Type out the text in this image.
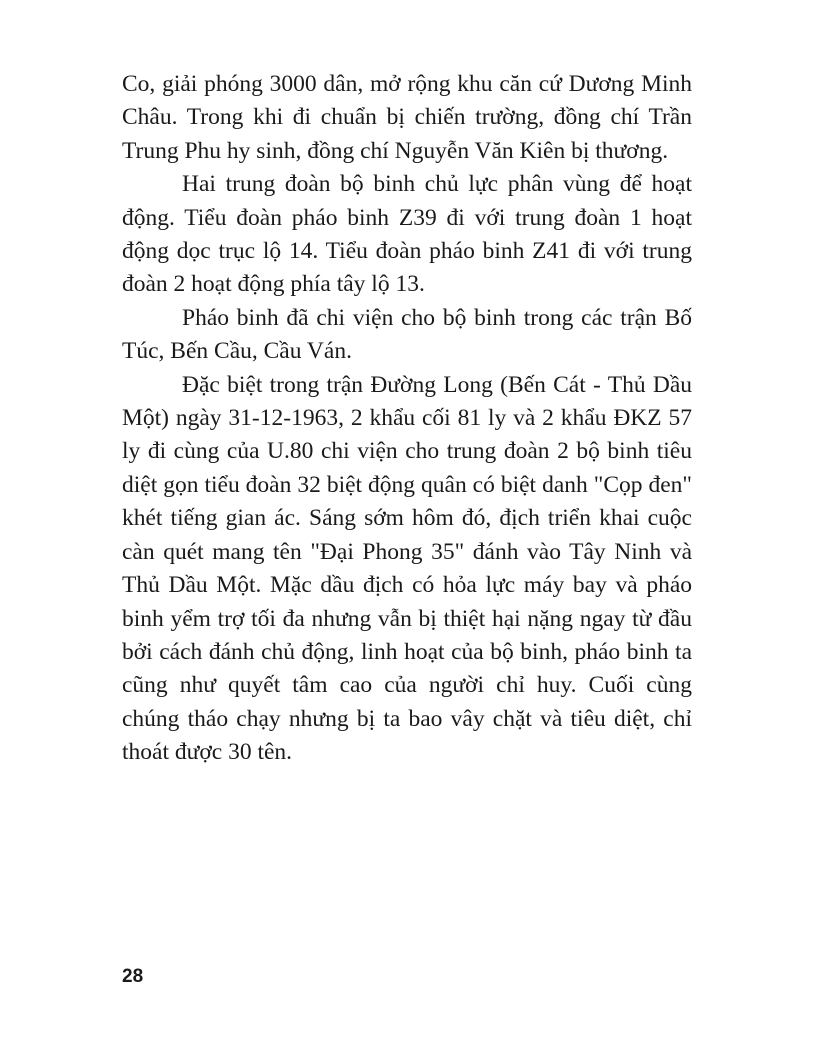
Co, giải phóng 3000 dân, mở rộng khu căn cứ Dương Minh Châu. Trong khi đi chuẩn bị chiến trường, đồng chí Trần Trung Phu hy sinh, đồng chí Nguyễn Văn Kiên bị thương.

Hai trung đoàn bộ binh chủ lực phân vùng để hoạt động. Tiểu đoàn pháo binh Z39 đi với trung đoàn 1 hoạt động dọc trục lộ 14. Tiểu đoàn pháo binh Z41 đi với trung đoàn 2 hoạt động phía tây lộ 13.

Pháo binh đã chi viện cho bộ binh trong các trận Bố Túc, Bến Cầu, Cầu Ván.

Đặc biệt trong trận Đường Long (Bến Cát - Thủ Dầu Một) ngày 31-12-1963, 2 khẩu cối 81 ly và 2 khẩu ĐKZ 57 ly đi cùng của U.80 chi viện cho trung đoàn 2 bộ binh tiêu diệt gọn tiểu đoàn 32 biệt động quân có biệt danh "Cọp đen" khét tiếng gian ác. Sáng sớm hôm đó, địch triển khai cuộc càn quét mang tên "Đại Phong 35" đánh vào Tây Ninh và Thủ Dầu Một. Mặc dầu địch có hỏa lực máy bay và pháo binh yểm trợ tối đa nhưng vẫn bị thiệt hại nặng ngay từ đầu bởi cách đánh chủ động, linh hoạt của bộ binh, pháo binh ta cũng như quyết tâm cao của người chỉ huy. Cuối cùng chúng tháo chạy nhưng bị ta bao vây chặt và tiêu diệt, chỉ thoát được 30 tên.

28
